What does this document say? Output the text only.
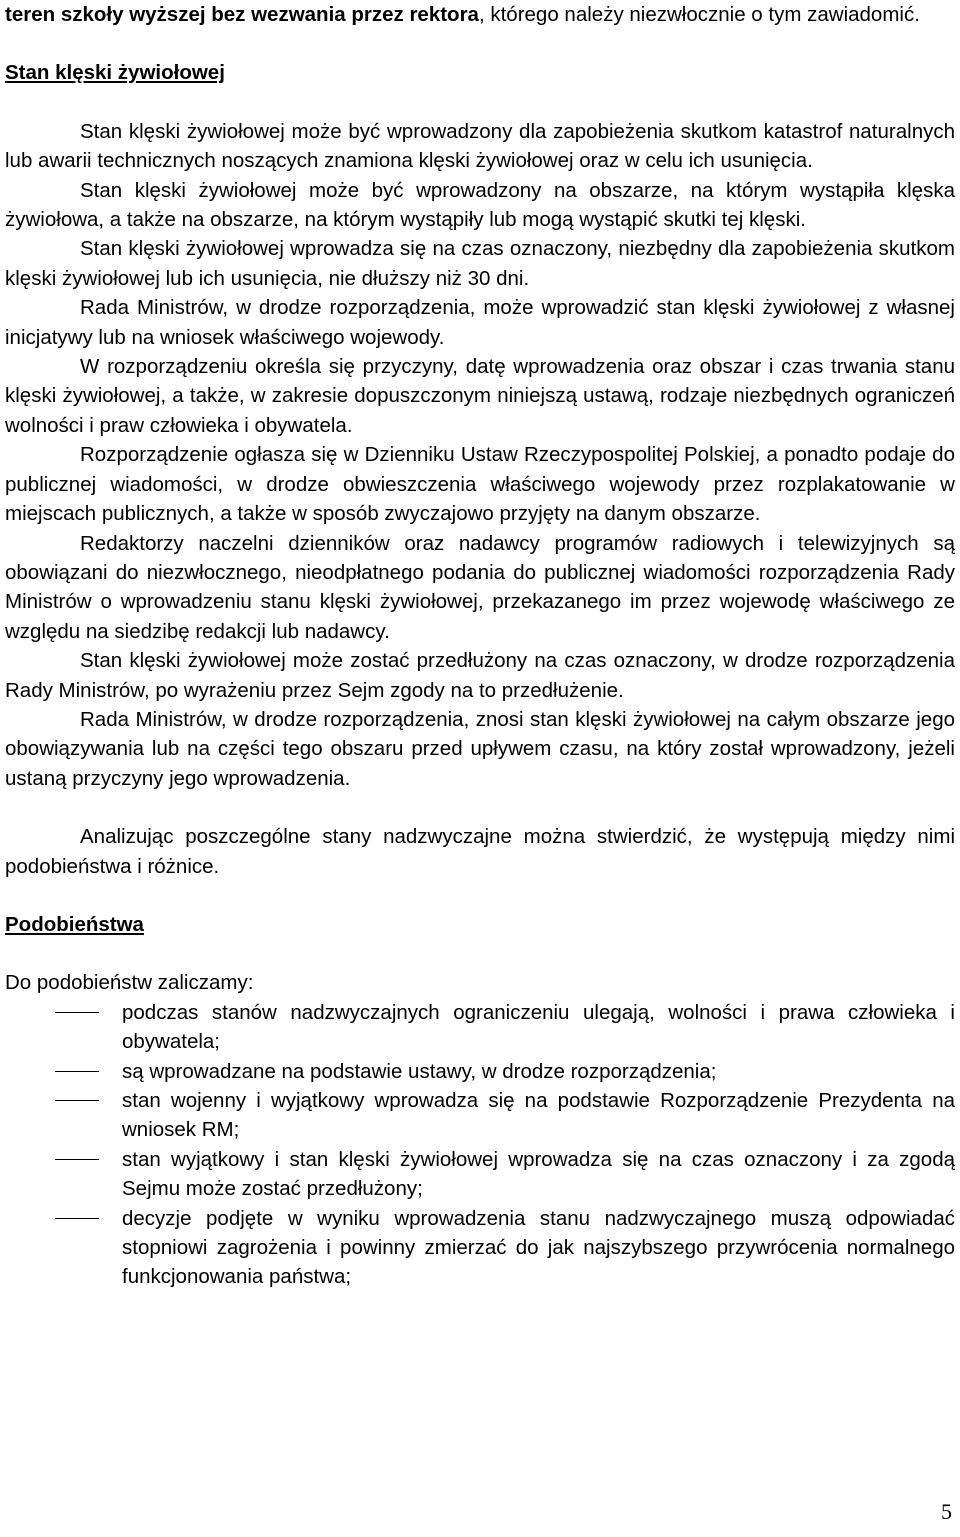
teren szkoły wyższej bez wezwania przez rektora, którego należy niezwłocznie o tym zawiadomić.

Stan klęski żywiołowej

Stan klęski żywiołowej może być wprowadzony dla zapobieżenia skutkom katastrof naturalnych lub awarii technicznych noszących znamiona klęski żywiołowej oraz w celu ich usunięcia.

Stan klęski żywiołowej może być wprowadzony na obszarze, na którym wystąpiła klęska żywiołowa, a także na obszarze, na którym wystąpiły lub mogą wystąpić skutki tej klęski.

Stan klęski żywiołowej wprowadza się na czas oznaczony, niezbędny dla zapobieżenia skutkom klęski żywiołowej lub ich usunięcia, nie dłuższy niż 30 dni.

Rada Ministrów, w drodze rozporządzenia, może wprowadzić stan klęski żywiołowej z własnej inicjatywy lub na wniosek właściwego wojewody.

W rozporządzeniu określa się przyczyny, datę wprowadzenia oraz obszar i czas trwania stanu klęski żywiołowej, a także, w zakresie dopuszczonym niniejszą ustawą, rodzaje niezbędnych ograniczeń wolności i praw człowieka i obywatela.

Rozporządzenie ogłasza się w Dzienniku Ustaw Rzeczypospolitej Polskiej, a ponadto podaje do publicznej wiadomości, w drodze obwieszczenia właściwego wojewody przez rozplakatowanie w miejscach publicznych, a także w sposób zwyczajowo przyjęty na danym obszarze.

Redaktorzy naczelni dzienników oraz nadawcy programów radiowych i telewizyjnych są obowiązani do niezwłocznego, nieodpłatnego podania do publicznej wiadomości rozporządzenia Rady Ministrów o wprowadzeniu stanu klęski żywiołowej, przekazanego im przez wojewodę właściwego ze względu na siedzibę redakcji lub nadawcy.

Stan klęski żywiołowej może zostać przedłużony na czas oznaczony, w drodze rozporządzenia Rady Ministrów, po wyrażeniu przez Sejm zgody na to przedłużenie.

Rada Ministrów, w drodze rozporządzenia, znosi stan klęski żywiołowej na całym obszarze jego obowiązywania lub na części tego obszaru przed upływem czasu, na który został wprowadzony, jeżeli ustaną przyczyny jego wprowadzenia.

Analizując poszczególne stany nadzwyczajne można stwierdzić, że występują między nimi podobieństwa i różnice.

Podobieństwa

Do podobieństw zaliczamy:

podczas stanów nadzwyczajnych ograniczeniu ulegają, wolności i prawa człowieka i obywatela;
są wprowadzane na podstawie ustawy, w drodze rozporządzenia;
stan wojenny i wyjątkowy wprowadza się na podstawie Rozporządzenie Prezydenta na wniosek RM;
stan wyjątkowy i stan klęski żywiołowej wprowadza się na czas oznaczony i za zgodą Sejmu może zostać przedłużony;
decyzje podjęte w wyniku wprowadzenia stanu nadzwyczajnego muszą odpowiadać stopniowi zagrożenia i powinny zmierzać do jak najszybszego przywrócenia normalnego funkcjonowania państwa;
5
